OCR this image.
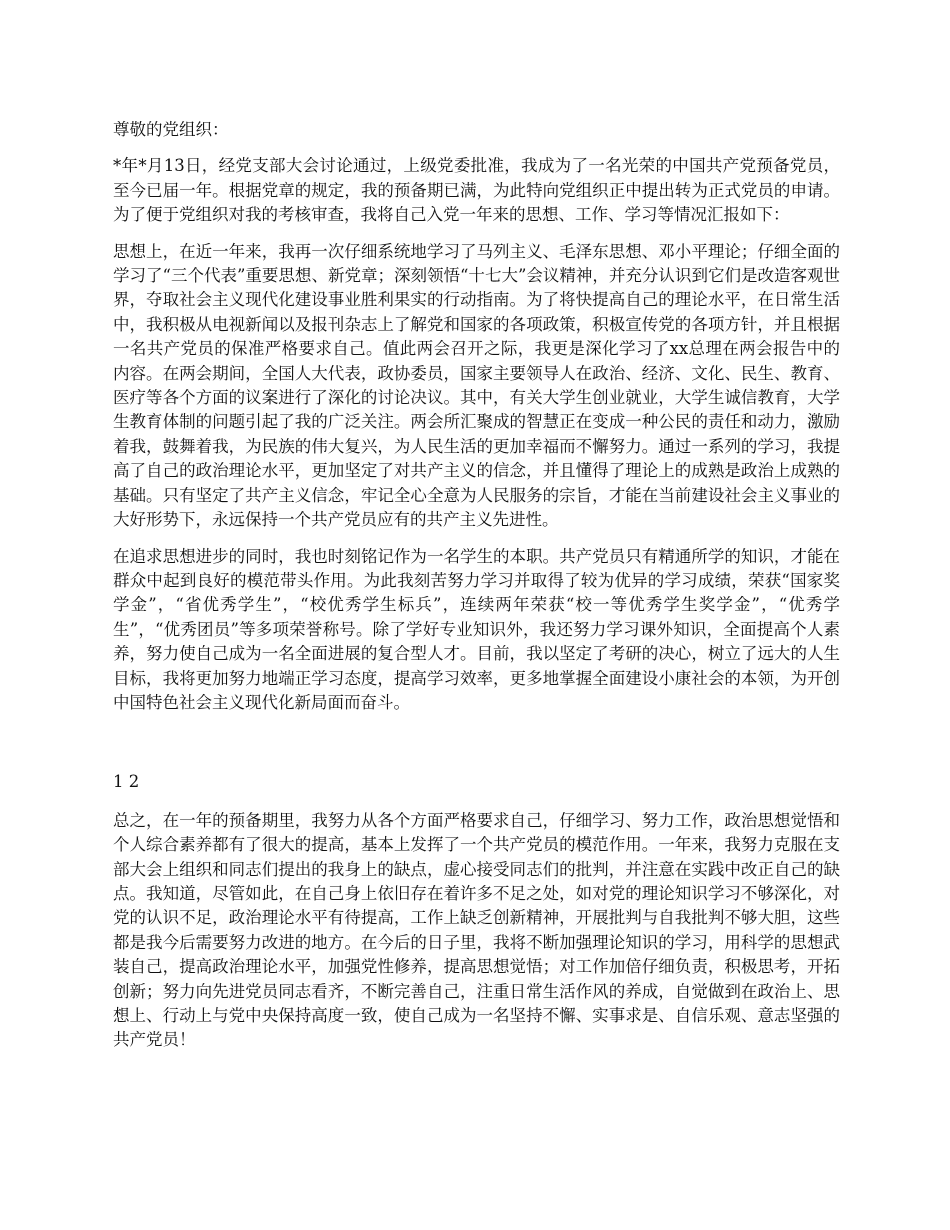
尊敬的党组织：

*年*月13日，经党支部大会讨论通过，上级党委批准，我成为了一名光荣的中国共产党预备党员，至今已届一年。根据党章的规定，我的预备期已满，为此特向党组织正中提出转为正式党员的申请。为了便于党组织对我的考核审查，我将自己入党一年来的思想、工作、学习等情况汇报如下：

思想上，在近一年来，我再一次仔细系统地学习了马列主义、毛泽东思想、邓小平理论；仔细全面的学习了“三个代表”重要思想、新党章；深刻领悟“十七大”会议精神，并充分认识到它们是改造客观世界，夺取社会主义现代化建设事业胜利果实的行动指南。为了将快提高自己的理论水平，在日常生活中，我积极从电视新闻以及报刊杂志上了解党和国家的各项政策，积极宣传党的各项方针，并且根据一名共产党员的保准严格要求自己。值此两会召开之际，我更是深化学习了xx总理在两会报告中的内容。在两会期间，全国人大代表，政协委员，国家主要领导人在政治、经济、文化、民生、教育、医疗等各个方面的议案进行了深化的讨论决议。其中，有关大学生创业就业，大学生诚信教育，大学生教育体制的问题引起了我的广泛关注。两会所汇聚成的智慧正在变成一种公民的责任和动力，激励着我，鼓舞着我，为民族的伟大复兴，为人民生活的更加幸福而不懈努力。通过一系列的学习，我提高了自己的政治理论水平，更加坚定了对共产主义的信念，并且懂得了理论上的成熟是政治上成熟的基础。只有坚定了共产主义信念，牢记全心全意为人民服务的宗旨，才能在当前建设社会主义事业的大好形势下，永远保持一个共产党员应有的共产主义先进性。

在追求思想进步的同时，我也时刻铭记作为一名学生的本职。共产党员只有精通所学的知识，才能在群众中起到良好的模范带头作用。为此我刻苦努力学习并取得了较为优异的学习成绩，荣获“国家奖学金”，“省优秀学生”，“校优秀学生标兵”，连续两年荣获“校一等优秀学生奖学金”，“优秀学生”，“优秀团员”等多项荣誉称号。除了学好专业知识外，我还努力学习课外知识，全面提高个人素养，努力使自己成为一名全面进展的复合型人才。目前，我以坚定了考研的决心，树立了远大的人生目标，我将更加努力地端正学习态度，提高学习效率，更多地掌握全面建设小康社会的本领，为开创中国特色社会主义现代化新局面而奋斗。

1 2

总之，在一年的预备期里，我努力从各个方面严格要求自己，仔细学习、努力工作，政治思想觉悟和个人综合素养都有了很大的提高，基本上发挥了一个共产党员的模范作用。一年来，我努力克服在支部大会上组织和同志们提出的我身上的缺点，虚心接受同志们的批判，并注意在实践中改正自己的缺点。我知道，尽管如此，在自己身上依旧存在着许多不足之处，如对党的理论知识学习不够深化，对党的认识不足，政治理论水平有待提高，工作上缺乏创新精神，开展批判与自我批判不够大胆，这些都是我今后需要努力改进的地方。在今后的日子里，我将不断加强理论知识的学习，用科学的思想武装自己，提高政治理论水平，加强党性修养，提高思想觉悟；对工作加倍仔细负责，积极思考，开拓创新；努力向先进党员同志看齐，不断完善自己，注重日常生活作风的养成，自觉做到在政治上、思想上、行动上与党中央保持高度一致，使自己成为一名坚持不懈、实事求是、自信乐观、意志坚强的共产党员！
